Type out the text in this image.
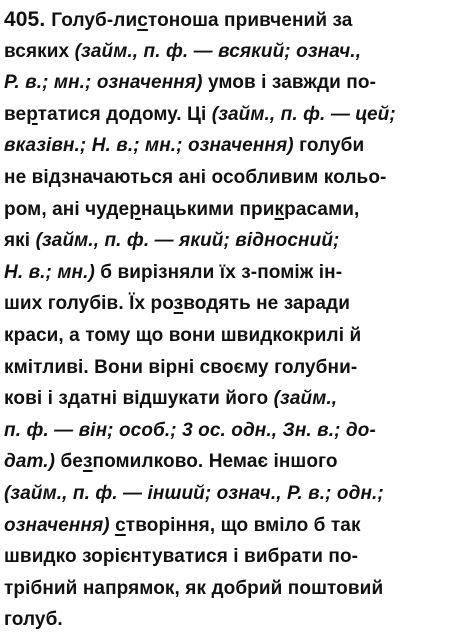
405. Голуб-листоноша привчений за
всяких (займ., п. ф. — всякий; означ.,
Р. в.; мн.; означення) умов і завжди по-
вертатися додому. Ці (займ., п. ф. — цей;
вказівн.; Н. в.; мн.; означення) голуби
не відзначаються ані особливим кольо-
ром, ані чудернацькими прикрасами,
які (займ., п. ф. — який; відносний;
Н. в.; мн.) б вирізняли їх з-поміж ін-
ших голубів. Їх розводять не заради
краси, а тому що вони швидкокрилі й
кмітливі. Вони вірні своєму голубни-
кові і здатні відшукати його (займ.,
п. ф. — він; особ.; 3 ос. одн., Зн. в.; до-
дат.) безпомилково. Немає іншого
(займ., п. ф. — інший; означ., Р. в.; одн.;
означення) створіння, що вміло б так
швидко зорієнтуватися і вибрати по-
трібний напрямок, як добрий поштовий
голуб.
